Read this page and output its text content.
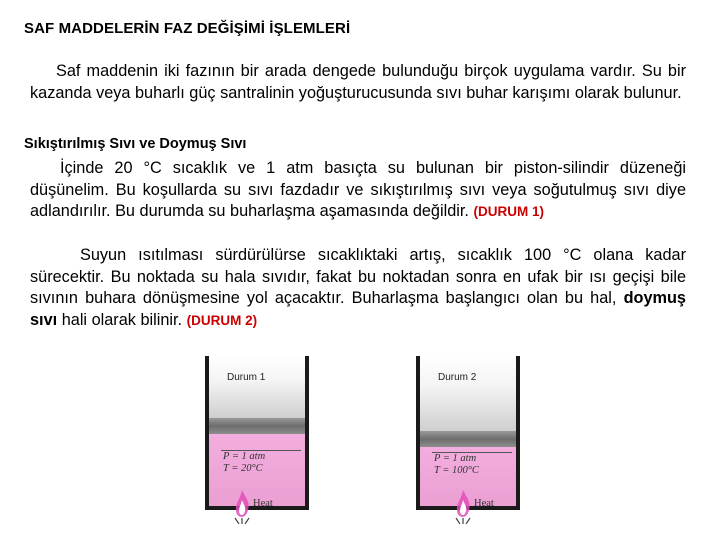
SAF MADDELERİN FAZ DEĞİŞİMİ İŞLEMLERİ
Saf maddenin iki fazının bir arada dengede bulunduğu birçok uygulama vardır. Su bir kazanda veya buharlı güç santralinin yoğuşturucusunda sıvı buhar karışımı olarak bulunur.
Sıkıştırılmış Sıvı ve Doymuş Sıvı
İçinde 20 °C sıcaklık ve 1 atm basıçta su bulunan bir piston-silindir düzeneği düşünelim. Bu koşullarda su sıvı fazdadır ve sıkıştırılmış sıvı veya soğutulmuş sıvı diye adlandırılır. Bu durumda su buharlaşma aşamasında değildir. (DURUM 1)
Suyun ısıtılması sürdürülürse sıcaklıktaki artış, sıcaklık 100 °C olana kadar sürecektir. Bu noktada su hala sıvıdır, fakat bu noktadan sonra en ufak bir ısı geçişi bile sıvının buhara dönüşmesine yol açacaktır. Buharlaşma başlangıcı olan bu hal, doymuş sıvı hali olarak bilinir. (DURUM 2)
Durum 1
P = 1 atm
T = 20°C
Heat
Durum 2
P = 1 atm
T = 100°C
Heat
